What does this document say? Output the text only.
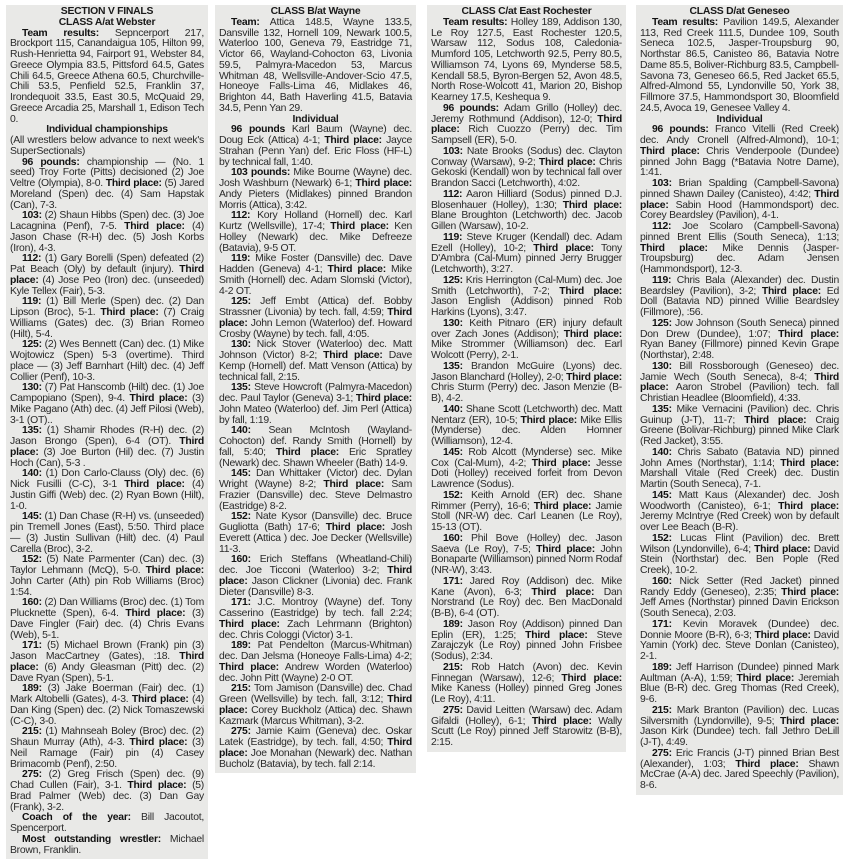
SECTION V FINALS
CLASS A/at Webster

Team results: Sepncerport 217, Brockport 115, Canandaigua 105, Hilton 99, Rush-Henrietta 94, Fairport 91, Webster 84, Greece Olympia 83.5, Pittsford 64.5, Gates Chili 64.5, Greece Athena 60.5, Churchville-Chili 53.5, Penfield 52.5, Franklin 37, Irondequoit 33.5, East 30.5, McQuaid 29, Greece Arcadia 25, Marshall 1, Edison Tech 0.

Individual championships

(All wrestlers below advance to next week's SuperSectionals)

96 pounds: championship — (No. 1 seed) Troy Forte (Pitts) decisioned (2) Joe Veltre (Olympia), 8-0. Third place: (5) Jared Moreland (Spen) dec. (4) Sam Hapstak (Can), 7-3.

103: (2) Shaun Hibbs (Spen) dec. (3) Joe Lacagnina (Penf), 7-5. Third place: (4) Jason Chase (R-H) dec. (5) Josh Korbs (Iron), 4-3.

112: (1) Gary Borelli (Spen) defeated (2) Pat Beach (Oly) by default (injury). Third place: (4) Jose Peo (Iron) dec. (unseeded) Kyle Tellex (Fair), 5-3.

119: (1) Bill Merle (Spen) dec. (2) Dan Lipson (Broc), 5-1. Third place: (7) Craig Williams (Gates) dec. (3) Brian Romeo (Hilt), 5-4.

125: (2) Wes Bennett (Can) dec. (1) Mike Wojtowicz (Spen) 5-3 (overtime). Third place — (3) Jeff Barnhart (Hilt) dec. (4) Jeff Collier (Penf), 10-3.

130: (7) Pat Hanscomb (Hilt) dec. (1) Joe Campopiano (Spen), 9-4. Third place: (3) Mike Pagano (Ath) dec. (4) Jeff Pilosi (Web), 3-1 (OT)..

135: (1) Shamir Rhodes (R-H) dec. (2) Jason Brongo (Spen), 6-4 (OT). Third place: (3) Joe Burton (Hil) dec. (7) Justin Hoch (Can), 5-3 .

140: (1) Don Carlo-Clauss (Oly) dec. (6) Nick Fusilli (C-C), 3-1 Third place: (4) Justin Giffi (Web) dec. (2) Ryan Bown (Hilt), 1-0.

145: (1) Dan Chase (R-H) vs. (unseeded) pin Tremell Jones (East), 5:50. Third place — (3) Justin Sullivan (Hilt) dec. (4) Paul Carella (Broc), 3-2.

152: (5) Nate Parmenter (Can) dec. (3) Taylor Lehmann (McQ), 5-0. Third place: John Carter (Ath) pin Rob Williams (Broc) 1:54.

160: (2) Dan Williams (Broc) dec. (1) Tom Plucknette (Spen), 6-4. Third place: (3) Dave Fingler (Fair) dec. (4) Chris Evans (Web), 5-1.

171: (5) Michael Brown (Frank) pin (3) Jason MacCartney (Gates), :18. Third place: (6) Andy Gleasman (Pitt) dec. (2) Dave Ryan (Spen), 5-1.

189: (3) Jake Boerman (Fair) dec. (1) Mark Altobelli (Gates), 4-3. Third place: (4) Dan King (Spen) dec. (2) Nick Tomaszewski (C-C), 3-0.

215: (1) Mahnseah Boley (Broc) dec. (2) Shaun Murray (Ath), 4-3. Third place: (3) Neil Ramage (Fair) pin (4) Casey Brimacomb (Penf), 2:50.

275: (2) Greg Frisch (Spen) dec. (9) Chad Cullen (Fair), 3-1. Third place: (5) Brad Palmer (Web) dec. (3) Dan Gay (Frank), 3-2.

Coach of the year: Bill Jacoutot, Spencerport.

Most outstanding wrestler: Michael Brown, Franklin.

CLASS B/at Wayne

Team: Attica 148.5, Wayne 133.5, Dansville 132, Hornell 109, Newark 100.5, Waterloo 100, Geneva 79, Eastridge 71, Victor 66, Wayland-Cohocton 63, Livonia 59.5, Palmyra-Macedon 53, Marcus Whitman 48, Wellsville-Andover-Scio 47.5, Honeoye Falls-Lima 46, Midlakes 46, Brighton 44, Bath Haverling 41.5, Batavia 34.5, Penn Yan 29.

Individual

96 pounds Karl Baum (Wayne) dec. Doug Eck (Attica) 4-1; Third place: Jayce Strahan (Penn Yan) def. Eric Floss (HF-L) by technical fall, 1:40.

103 pounds: Mike Bourne (Wayne) dec. Josh Washburn (Newark) 6-1; Third place: Andy Pieters (Midlakes) pinned Brandon Morris (Attica), 3:42.

112: Kory Holland (Hornell) dec. Karl Kurtz (Wellsville), 17-4; Third place: Ken Holley (Newark) dec. Mike Defreeze (Batavia), 9-5 OT.

119: Mike Foster (Dansville) dec. Dave Hadden (Geneva) 4-1; Third place: Mike Smith (Hornell) dec. Adam Slomski (Victor), 4-2 OT.

125: Jeff Embt (Attica) def. Bobby Strassner (Livonia) by tech. fall, 4:59; Third place: John Lemon (Waterloo) def. Howard Crosby (Wayne) by tech. fall, 4:05.

130: Nick Stover (Waterloo) dec. Matt Johnson (Victor) 8-2; Third place: Dave Kemp (Hornell) def. Matt Venson (Attica) by technical fall, 2:15.

135: Steve Howcroft (Palmyra-Macedon) dec. Paul Taylor (Geneva) 3-1; Third place: John Mateo (Waterloo) def. Jim Perl (Attica) by fall, 1:19.

140: Sean McIntosh (Wayland-Cohocton) def. Randy Smith (Hornell) by fall, 5:40; Third place: Eric Spratley (Newark) dec. Shawn Wheeler (Bath) 14-9.

145: Dan Whittaker (Victor) dec. Dylan Wright (Wayne) 8-2; Third place: Sam Frazier (Dansville) dec. Steve Delmastro (Eastridge) 8-2.

152: Nate Kysor (Dansville) dec. Bruce Gugliotta (Bath) 17-6; Third place: Josh Everett (Attica ) dec. Joe Decker (Wellsville) 11-3.

160: Erich Steffans (Wheatland-Chili) dec. Joe Ticconi (Waterloo) 3-2; Third place: Jason Clickner (Livonia) dec. Frank Dieter (Dansville) 8-3.

171: J.C. Montroy (Wayne) def. Tony Casserino (Eastridge) by tech. fall 2:24; Third place: Zach Lehrmann (Brighton) dec. Chris Cologgi (Victor) 3-1.

189: Pat Pendelton (Marcus-Whitman) dec. Dan Jelsma (Honeoye Falls-Lima) 4-2; Third place: Andrew Worden (Waterloo) dec. John Pitt (Wayne) 2-0 OT.

215: Tom Jamison (Dansville) dec. Chad Green (Wellsville) by tech. fall, 3:12; Third place: Corey Buckholz (Attica) dec. Shawn Kazmark (Marcus Whitman), 3-2.

275: Jamie Kaim (Geneva) dec. Oskar Latek (Eastridge), by tech. fall, 4:50; Third place: Joe Monahan (Newark) dec. Nathan Bucholz (Batavia), by tech. fall 2:14.

CLASS C/at East Rochester

Team results: Holley 189, Addison 130, Le Roy 127.5, East Rochester 120.5, Warsaw 112, Sodus 108, Caledonia-Mumford 105, Letchworth 92.5, Perry 80.5, Williamson 74, Lyons 69, Mynderse 58.5, Kendall 58.5, Byron-Bergen 52, Avon 48.5, North Rose-Wolcott 41, Marion 20, Bishop Kearney 17.5, Keshequa 9.

96 pounds: Adam Grillo (Holley) dec. Jeremy Rothmund (Addison), 12-0; Third place: Rich Cuozzo (Perry) dec. Tim Sampsell (ER), 5-0.

103: Nate Brooks (Sodus) dec. Clayton Conway (Warsaw), 9-2; Third place: Chris Gekoski (Kendall) won by technical fall over Brandon Sacci (Letchworth), 4:02.

112: Aaron Hilliard (Sodus) pinned D.J. Blosenhauer (Holley), 1:30; Third place: Blane Broughton (Letchworth) dec. Jacob Gillen (Warsaw), 10-2.

119: Steve Kruger (Kendall) dec. Adam Ezell (Holley), 10-2; Third place: Tony D'Ambra (Cal-Mum) pinned Jerry Brugger (Letchworth), 3:27.

125: Kris Herrington (Cal-Mum) dec. Joe Smith (Letchworth), 7-2; Third place: Jason English (Addison) pinned Rob Harkins (Lyons), 3:47.

130: Keith Pitnaro (ER) injury default over Zach Jones (Addison); Third place: Mike Strommer (Williamson) dec. Earl Wolcott (Perry), 2-1.

135: Brandon McGuire (Lyons) dec. Jason Blanchard (Holley), 2-0; Third place: Chris Sturm (Perry) dec. Jason Menzie (B-B), 4-2.

140: Shane Scott (Letchworth) dec. Matt Nentarz (ER), 10-5; Third place: Mike Ellis (Mynderse) dec. Alden Homner (Williamson), 12-4.

145: Rob Alcott (Mynderse) sec. Mike Cox (Cal-Mum), 4-2; Third place: Jesse Doti (Holley) received forfeit from Devon Lawrence (Sodus).

152: Keith Arnold (ER) dec. Shane Rimmer (Perry), 16-6; Third place: Jamie Stoll (NR-W) dec. Carl Leanen (Le Roy), 15-13 (OT).

160: Phil Bove (Holley) dec. Jason Saeva (Le Roy), 7-5; Third place: John Bonaparte (Williamson) pinned Norm Rodaf (NR-W), 3:43.

171: Jared Roy (Addison) dec. Mike Kane (Avon), 6-3; Third place: Dan Norstrand (Le Roy) dec. Ben MacDonald (B-B), 6-4 (OT).

189: Jason Roy (Addison) pinned Dan Eplin (ER), 1:25; Third place: Steve Zarajczyk (Le Roy) pinned John Frisbee (Sodus), 2:34.

215: Rob Hatch (Avon) dec. Kevin Finnegan (Warsaw), 12-6; Third place: Mike Kaness (Holley) pinned Greg Jones (Le Roy), 4:11.

275: David Leitten (Warsaw) dec. Adam Gifaldi (Holley), 6-1; Third place: Wally Scutt (Le Roy) pinned Jeff Starowitz (B-B), 2:15.

CLASS D/at Geneseo

Team results: Pavilion 149.5, Alexander 113, Red Creek 111.5, Dundee 109, South Seneca 102.5, Jasper-Troupsburg 90, Northstar 86.5, Canisteo 86, Batavia Notre Dame 85.5, Boliver-Richburg 83.5, Campbell-Savona 73, Geneseo 66.5, Red Jacket 65.5, Alfred-Almond 55, Lyndonville 50, York 38, Fillmore 37.5, Hammondsport 30, Bloomfield 24.5, Avoca 19, Genesee Valley 4.

Individual

96 pounds: Franco Vitelli (Red Creek) dec. Andy Cronell (Alfred-Almond), 10-1; Third place: Chris Venderpoole (Dundee) pinned John Bagg (*Batavia Notre Dame), 1:41.

103: Brian Spalding (Campbell-Savona) pinned Shawn Dailey (Canisteo), 4:42; Third place: Sabin Hood (Hammondsport) dec. Corey Beardsley (Pavilion), 4-1.

112: Joe Scolaro (Campbell-Savona) pinned Brent Ellis (South Seneca), 1:13; Third place: Mike Dennis (Jasper-Troupsburg) dec. Adam Jensen (Hammondsport), 12-3.

119: Chris Bala (Alexander) dec. Dustin Beardsley (Pavilion), 3-2; Third place: Ed Doll (Batavia ND) pinned Willie Beardsley (Fillmore), :56.

125: Jow Johnson (South Seneca) pinned Don Drew (Dundee), 1:07; Third place: Ryan Baney (Fillmore) pinned Kevin Grape (Northstar), 2:48.

130: Bill Rossborough (Geneseo) dec. Jamie Wech (South Seneca), 8-4; Third place: Aaron Strobel (Pavilion) tech. fall Christian Headlee (Bloomfield), 4:33.

135: Mike Vernacini (Pavilion) dec. Chris Guinup (J-T), 11-7; Third place: Craig Greene (Bolivar-Richburg) pinned Mike Clark (Red Jacket), 3:55.

140: Chris Sabato (Batavia ND) pinned John Ames (Northstar), 1:14; Third place: Marshall Vitale (Red Creek) dec. Dustin Martin (South Seneca), 7-1.

145: Matt Kaus (Alexander) dec. Josh Woodworth (Canisteo), 6-1; Third place: Jeremy McIntrye (Red Creek) won by default over Lee Beach (B-R).

152: Lucas Flint (Pavilion) dec. Brett Wilson (Lyndonville), 6-4; Third place: David Stein (Northstar) dec. Ben Pople (Red Creek), 10-2.

160: Nick Setter (Red Jacket) pinned Randy Eddy (Geneseo), 2:35; Third place: Jeff Ames (Northstar) pinned Davin Erickson (South Seneca), 2:03.

171: Kevin Moravek (Dundee) dec. Donnie Moore (B-R), 6-3; Third place: David Yamin (York) dec. Steve Donlan (Canisteo), 2-1.

189: Jeff Harrison (Dundee) pinned Mark Aultman (A-A), 1:59; Third place: Jeremiah Blue (B-R) dec. Greg Thomas (Red Creek), 9-6.

215: Mark Branton (Pavilion) dec. Lucas Silversmith (Lyndonville), 9-5; Third place: Jason Kirk (Dundee) tech. fall Jethro DeLill (J-T), 4:49.

275: Eric Francis (J-T) pinned Brian Best (Alexander), 1:03; Third place: Shawn McCrae (A-A) dec. Jared Speechly (Pavilion), 8-6.
